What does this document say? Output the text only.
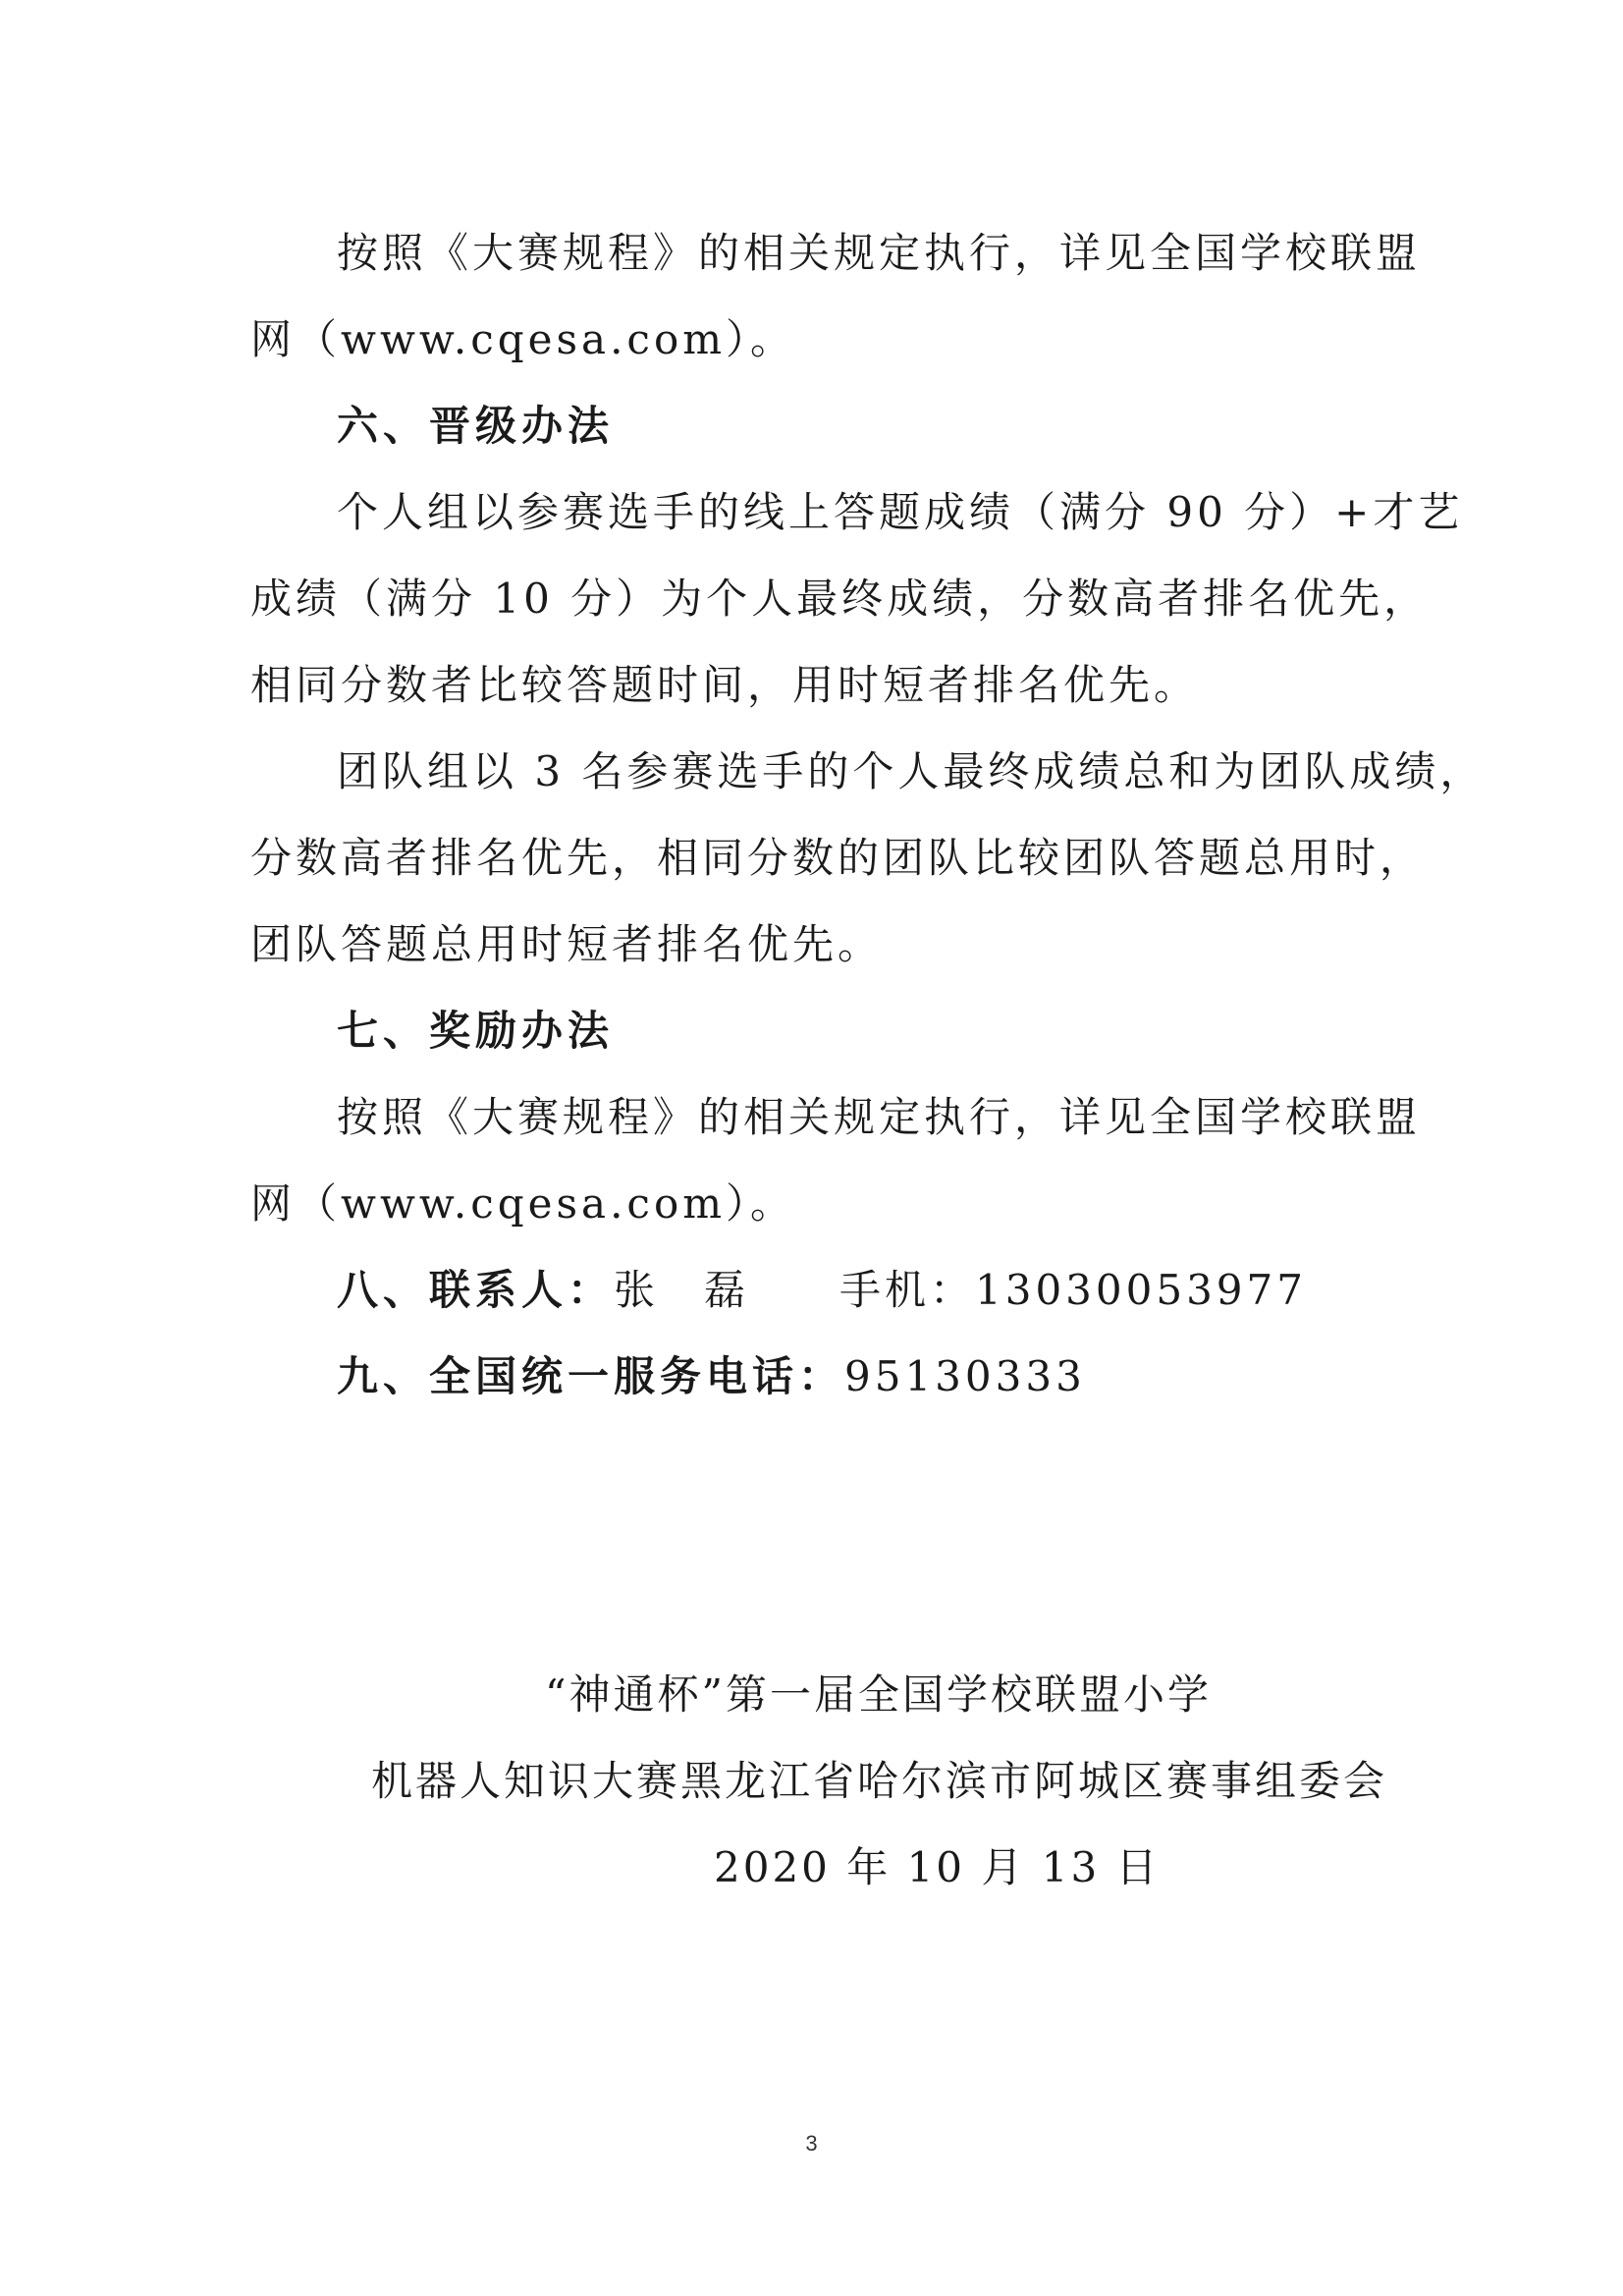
按照《大赛规程》的相关规定执行，详见全国学校联盟
网（www.cqesa.com）。
六、晋级办法
个人组以参赛选手的线上答题成绩（满分 90 分）+才艺
成绩（满分 10 分）为个人最终成绩，分数高者排名优先，
相同分数者比较答题时间，用时短者排名优先。
团队组以 3 名参赛选手的个人最终成绩总和为团队成绩，
分数高者排名优先，相同分数的团队比较团队答题总用时，
团队答题总用时短者排名优先。
七、奖励办法
按照《大赛规程》的相关规定执行，详见全国学校联盟
网（www.cqesa.com）。
八、联系人：张　磊　　手机：13030053977
九、全国统一服务电话：95130333
“神通杯”第一届全国学校联盟小学
机器人知识大赛黑龙江省哈尔滨市阿城区赛事组委会
2020 年 10 月 13 日
3
